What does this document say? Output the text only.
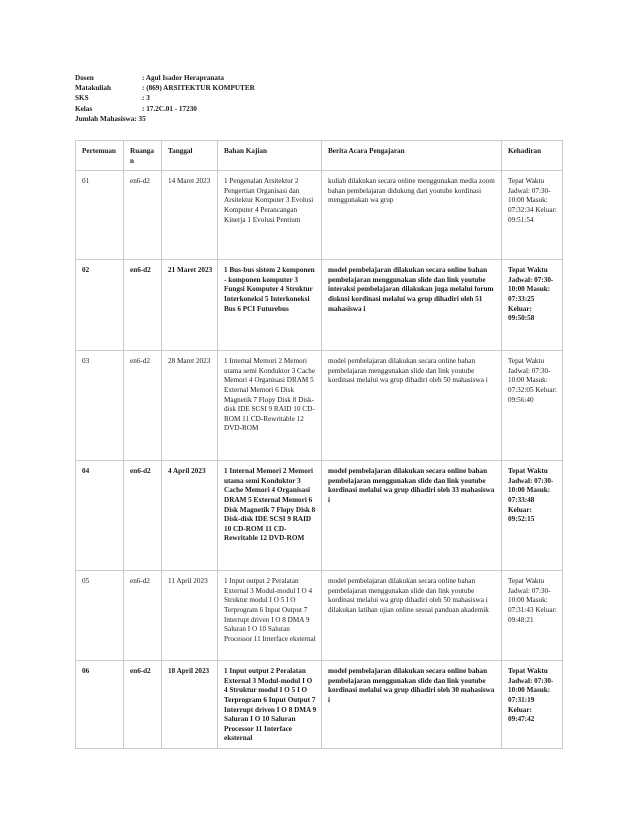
Dosen	: Agul Isador Herapranata
Matakuliah	: (869) ARSITEKTUR KOMPUTER
SKS	: 3
Kelas	: 17.2C.01 - 17230
Jumlah Mahasiswa : 35
Pertemuan	Ruangan	Tanggal	Bahan Kajian	Berita Acara Pengajaran	Kehadiran
01	en6-d2	14 Maret 2023	1 Pengenalan Arsitektur 2 Pengertian Organisasi dan Arsitektur Komputer 3 Evolusi Komputer 4 Perancangan Kinerja 1 Evolusi Pentium	kuliah dilakukan secara online menggunakan media zoom bahan pembelajaran didukung dari youtube kordinasi menggunakan wa grup	Tepat Waktu Jadwal: 07:30-10:00 Masuk: 07:32:34 Keluar: 09:51:54
02	en6-d2	21 Maret 2023	1 Bus-bus sistem 2 komponen - komponen komputer 3 Fungsi Komputer 4 Struktur Interkoneksi 5 Interkoneksi Bus 6 PCI Futurebus	model pembelajaran dilakukan secara online bahan pembelajaran menggunakan slide dan link youtube interaksi pembelajaran dilakukan juga melalui forum diskusi kordinasi melalui wa grup dihadiri oleh 51 mahasiswa i	Tepat Waktu Jadwal: 07:30-10:00 Masuk: 07:33:25 Keluar: 09:50:58
03	en6-d2	28 Maret 2023	1 Internal Memori 2 Memori utama semi Konduktor 3 Cache Memori 4 Organisasi DRAM 5 External Memori 6 Disk Magnetik 7 Flopy Disk 8 Disk-disk IDE SCSI 9 RAID 10 CD-ROM 11 CD-Rewritable 12 DVD-ROM	model pembelajaran dilakukan secara online bahan pembelajaran menggunakan slide dan link youtube kordinasi melalui wa grup dihadiri oleh 50 mahasiswa i	Tepat Waktu Jadwal: 07:30-10:00 Masuk: 07:32:05 Keluar: 09:56:40
04	en6-d2	4 April 2023	1 Internal Memori 2 Memori utama semi Konduktor 3 Cache Memori 4 Organisasi DRAM 5 External Memori 6 Disk Magnetik 7 Flopy Disk 8 Disk-disk IDE SCSI 9 RAID 10 CD-ROM 11 CD-Rewritable 12 DVD-ROM	model pembelajaran dilakukan secara online bahan pembelajaran menggunakan slide dan link youtube kordinasi melalui wa grup dihadiri oleh 33 mahasiswa i	Tepat Waktu Jadwal: 07:30-10:00 Masuk: 07:33:48 Keluar: 09:52:15
05	en6-d2	11 April 2023	1 Input output 2 Peralatan External 3 Modul-modul I O 4 Struktur modul I O 5 I O Terprogram 6 Input Output 7 Interrupt driven I O 8 DMA 9 Saluran I O 10 Saluran Processor 11 Interface eksternal	model pembelajaran dilakukan secara online bahan pembelajaran menggunakan slide dan link youtube kordinasi melalui wa grup dihadiri oleh 50 mahasiswa i dilakukan latihan ujian online sesuai panduan akademik	Tepat Waktu Jadwal: 07:30-10:00 Masuk: 07:31:43 Keluar: 09:48:21
06	en6-d2	18 April 2023	1 Input output 2 Peralatan External 3 Modul-modul I O 4 Struktur modul I O 5 I O Terprogram 6 Input Output 7 Interrupt driven I O 8 DMA 9 Saluran I O 10 Saluran Processor 11 Interface eksternal	model pembelajaran dilakukan secara online bahan pembelajaran menggunakan slide dan link youtube kordinasi melalui wa grup dihadiri oleh 30 mahasiswa i	Tepat Waktu Jadwal: 07:30-10:00 Masuk: 07:31:19 Keluar: 09:47:42
